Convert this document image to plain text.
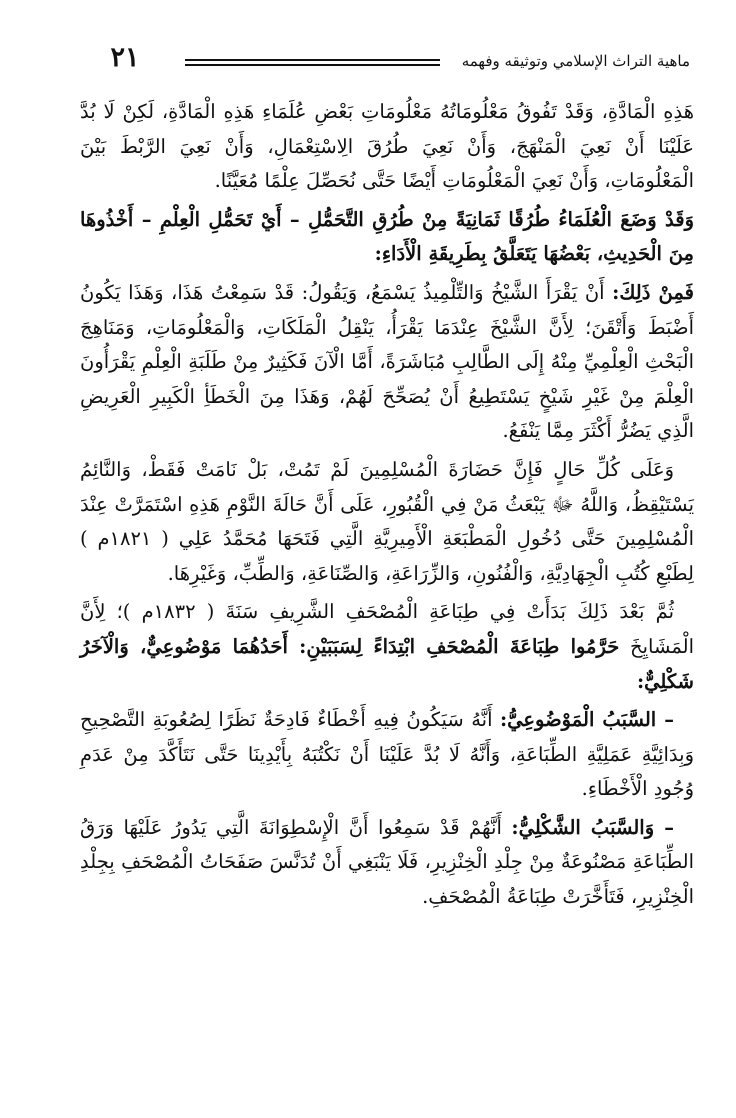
ماهية التراث الإسلامي وتوثيقه وفهمه
٢١

هَذِهِ الْمَادَّةِ، وَقَدْ تَفُوقُ مَعْلُومَاتُهُ مَعْلُومَاتِ بَعْضِ عُلَمَاءِ هَذِهِ الْمَادَّةِ، لَكِنْ لَا بُدَّ عَلَيْنَا أَنْ نَعِيَ الْمَنْهَجَ، وَأَنْ نَعِيَ طُرُقَ الِاسْتِعْمَالِ، وَأَنْ نَعِيَ الرَّبْطَ بَيْنَ الْمَعْلُومَاتِ، وَأَنْ نَعِيَ الْمَعْلُومَاتِ أَيْضًا حَتَّى نُحَصِّلَ عِلْمًا مُعَيَّنًا.

وَقَدْ وَضَعَ الْعُلَمَاءُ طُرُقًا ثَمَانِيَةً مِنْ طُرُقِ التَّحَمُّلِ – أَيْ تَحَمُّلِ الْعِلْمِ – أَخْذُوهَا مِنَ الْحَدِيثِ، بَعْضُهَا يَتَعَلَّقُ بِطَرِيقَةِ الْأَدَاءِ:

فَمِنْ ذَلِكَ: أَنْ يَقْرَأَ الشَّيْخُ وَالتِّلْمِيذُ يَسْمَعُ، وَيَقُولُ: قَدْ سَمِعْتُ هَذَا، وَهَذَا يَكُونُ أَضْبَطَ وَأَتْقَنَ؛ لِأَنَّ الشَّيْخَ عِنْدَمَا يَقْرَأُ، يَنْقِلُ الْمَلَكَاتِ، وَالْمَعْلُومَاتِ، وَمَنَاهِجَ الْبَحْثِ الْعِلْمِيِّ مِنْهُ إِلَى الطَّالِبِ مُبَاشَرَةً، أَمَّا الْآنَ فَكَثِيرٌ مِنْ طَلَبَةِ الْعِلْمِ يَقْرَأُونَ الْعِلْمَ مِنْ غَيْرِ شَيْخٍ يَسْتَطِيعُ أَنْ يُصَحِّحَ لَهُمْ، وَهَذَا مِنَ الْخَطَأِ الْكَبِيرِ الْعَرِيضِ الَّذِي يَضُرُّ أَكْثَرَ مِمَّا يَنْفَعُ.

وَعَلَى كُلِّ حَالٍ فَإِنَّ حَضَارَةَ الْمُسْلِمِينَ لَمْ تَمُتْ، بَلْ نَامَتْ فَقَطْ، وَالنَّائِمُ يَسْتَيْقِظُ، وَاللَّهُ ﷻ يَبْعَثُ مَنْ فِي الْقُبُورِ، عَلَى أَنَّ حَالَةَ النَّوْمِ هَذِهِ اسْتَمَرَّتْ عِنْدَ الْمُسْلِمِينَ حَتَّى دُخُولِ الْمَطْبَعَةِ الْأَمِيرِيَّةِ الَّتِي فَتَحَهَا مُحَمَّدُ عَلِي ( ١٨٢١م ) لِطَبْعِ كُتُبِ الْجِهَادِيَّةِ، وَالْفُنُونِ، وَالزِّرَاعَةِ، وَالصِّنَاعَةِ، وَالطِّبِّ، وَغَيْرِهَا.

ثُمَّ بَعْدَ ذَلِكَ بَدَأَتْ فِي طِبَاعَةِ الْمُصْحَفِ الشَّرِيفِ سَنَةَ ( ١٨٣٢م )؛ لِأَنَّ الْمَشَايِخَ حَرَّمُوا طِبَاعَةَ الْمُصْحَفِ ابْتِدَاءً لِسَبَبَيْنِ: أَحَدُهُمَا مَوْضُوعِيٌّ، وَالْآخَرُ شَكْلِيٌّ:

– السَّبَبُ الْمَوْضُوعِيُّ: أَنَّهُ سَيَكُونُ فِيهِ أَخْطَاءٌ فَادِحَةٌ نَظَرًا لِصُعُوبَةِ التَّصْحِيحِ وَبِدَائِيَّةِ عَمَلِيَّةِ الطِّبَاعَةِ، وَأَنَّهُ لَا بُدَّ عَلَيْنَا أَنْ نَكْتُبَهُ بِأَيْدِينَا حَتَّى نَتَأَكَّدَ مِنْ عَدَمِ وُجُودِ الْأَخْطَاءِ.

– وَالسَّبَبُ الشَّكْلِيُّ: أَنَّهُمْ قَدْ سَمِعُوا أَنَّ الْإِسْطِوَانَةَ الَّتِي يَدُورُ عَلَيْهَا وَرَقُ الطِّبَاعَةِ مَصْنُوعَةٌ مِنْ جِلْدِ الْخِنْزِيرِ، فَلَا يَنْبَغِي أَنْ تُدَنَّسَ صَفَحَاتُ الْمُصْحَفِ بِجِلْدِ الْخِنْزِيرِ، فَتَأَخَّرَتْ طِبَاعَةُ الْمُصْحَفِ.
